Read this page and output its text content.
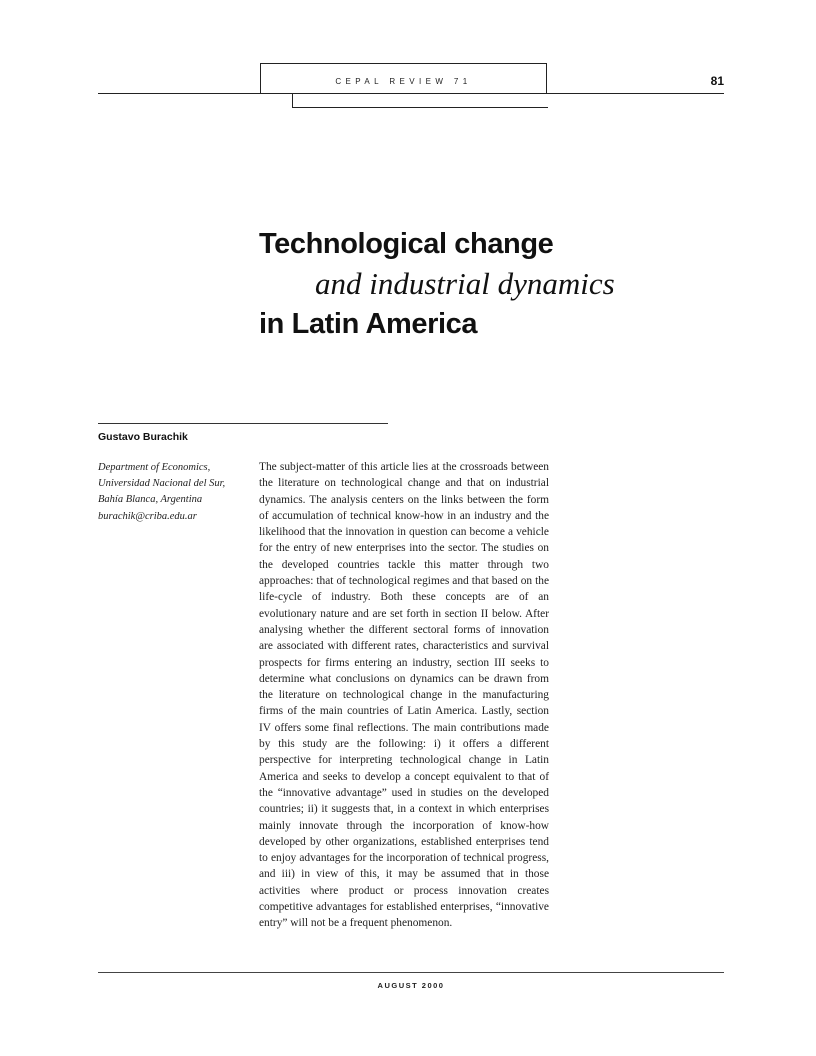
CEPAL REVIEW 71	81
Technological change
and industrial dynamics
in Latin America
Gustavo Burachik
Department of Economics,
Universidad Nacional del Sur,
Bahía Blanca, Argentina
burachik@criba.edu.ar

The subject-matter of this article lies at the crossroads between the literature on technological change and that on industrial dynamics. The analysis centers on the links between the form of accumulation of technical know-how in an industry and the likelihood that the innovation in question can become a vehicle for the entry of new enterprises into the sector. The studies on the developed countries tackle this matter through two approaches: that of technological regimes and that based on the life-cycle of industry. Both these concepts are of an evolutionary nature and are set forth in section II below. After analysing whether the different sectoral forms of innovation are associated with different rates, characteristics and survival prospects for firms entering an industry, section III seeks to determine what conclusions on dynamics can be drawn from the literature on technological change in the manufacturing firms of the main countries of Latin America. Lastly, section IV offers some final reflections. The main contributions made by this study are the following: i) it offers a different perspective for interpreting technological change in Latin America and seeks to develop a concept equivalent to that of the “innovative advantage” used in studies on the developed countries; ii) it suggests that, in a context in which enterprises mainly innovate through the incorporation of know-how developed by other organizations, established enterprises tend to enjoy advantages for the incorporation of technical progress, and iii) in view of this, it may be assumed that in those activities where product or process innovation creates competitive advantages for established enterprises, “innovative entry” will not be a frequent phenomenon.

AUGUST 2000
